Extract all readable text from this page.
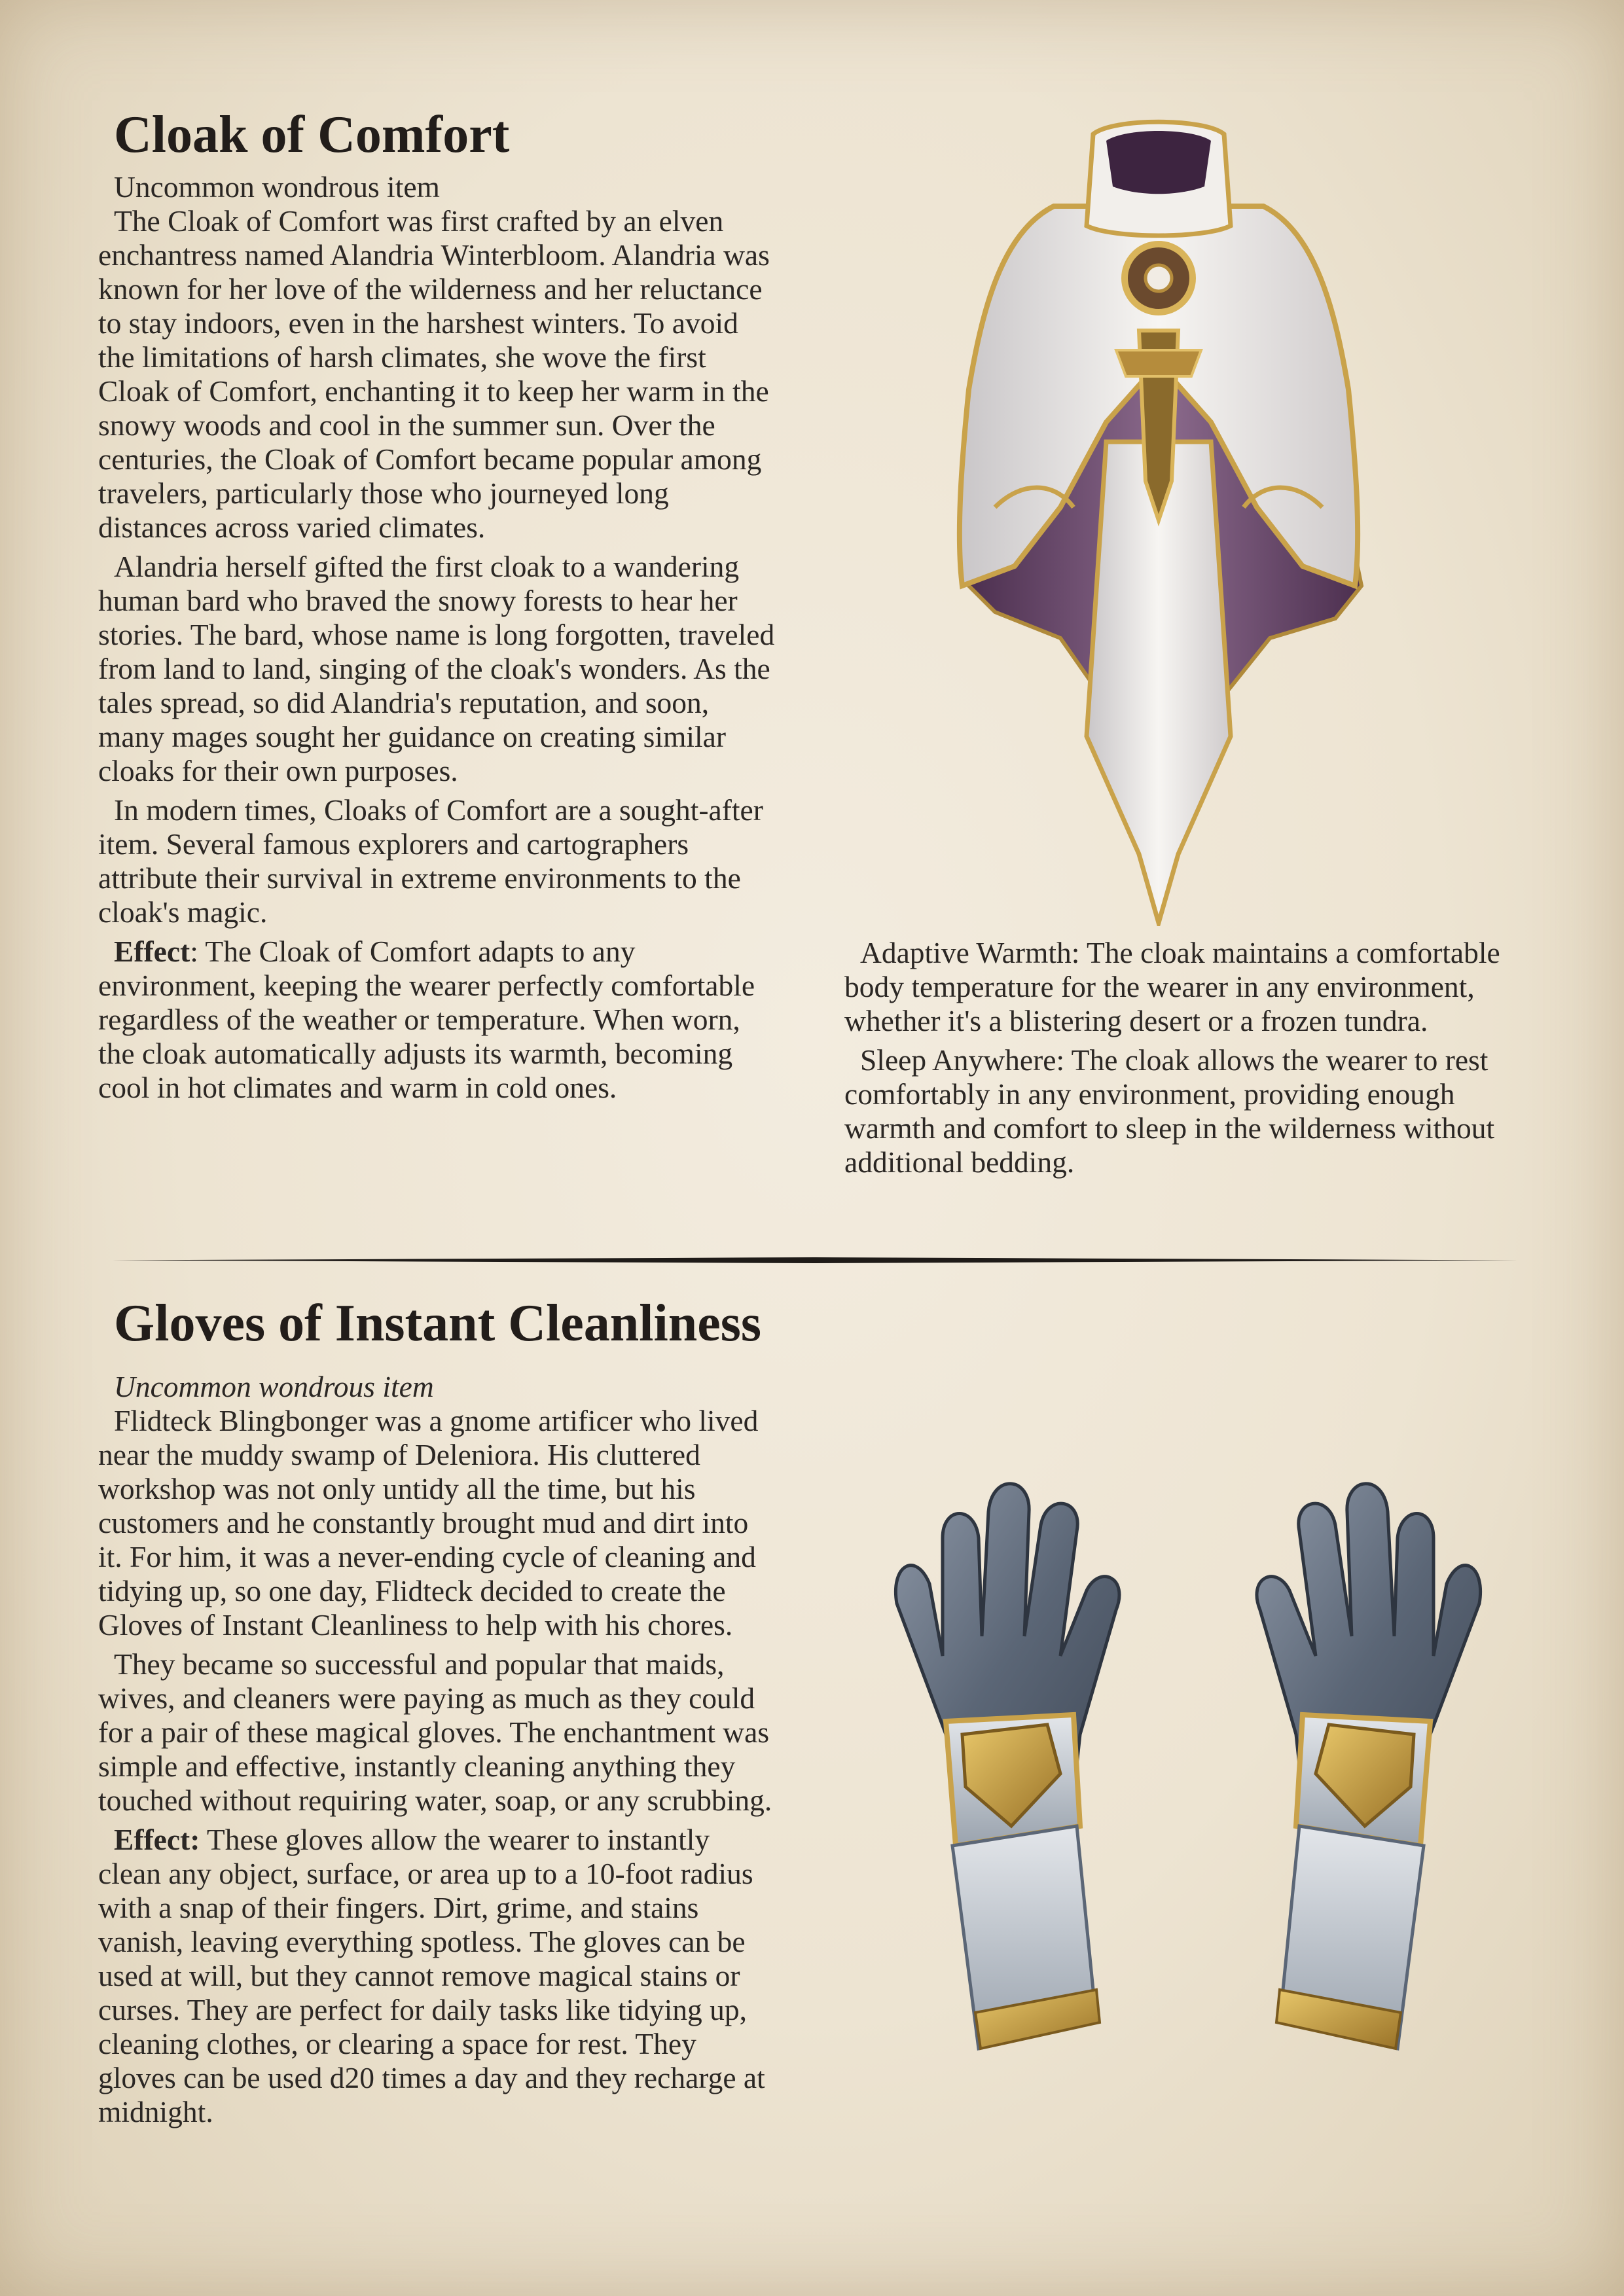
Cloak of Comfort

Uncommon wondrous item

The Cloak of Comfort was first crafted by an elven enchantress named Alandria Winterbloom. Alandria was known for her love of the wilderness and her reluctance to stay indoors, even in the harshest winters. To avoid the limitations of harsh climates, she wove the first Cloak of Comfort, enchanting it to keep her warm in the snowy woods and cool in the summer sun. Over the centuries, the Cloak of Comfort became popular among travelers, particularly those who journeyed long distances across varied climates.

Alandria herself gifted the first cloak to a wandering human bard who braved the snowy forests to hear her stories. The bard, whose name is long forgotten, traveled from land to land, singing of the cloak's wonders. As the tales spread, so did Alandria's reputation, and soon, many mages sought her guidance on creating similar cloaks for their own purposes.

In modern times, Cloaks of Comfort are a sought-after item. Several famous explorers and cartographers attribute their survival in extreme environments to the cloak's magic.

Effect: The Cloak of Comfort adapts to any environment, keeping the wearer perfectly comfortable regardless of the weather or temperature. When worn, the cloak automatically adjusts its warmth, becoming cool in hot climates and warm in cold ones.

Adaptive Warmth: The cloak maintains a comfortable body temperature for the wearer in any environment, whether it's a blistering desert or a frozen tundra.

Sleep Anywhere: The cloak allows the wearer to rest comfortably in any environment, providing enough warmth and comfort to sleep in the wilderness without additional bedding.

Gloves of Instant Cleanliness

Uncommon wondrous item

Flidteck Blingbonger was a gnome artificer who lived near the muddy swamp of Deleniora. His cluttered workshop was not only untidy all the time, but his customers and he constantly brought mud and dirt into it. For him, it was a never-ending cycle of cleaning and tidying up, so one day, Flidteck decided to create the Gloves of Instant Cleanliness to help with his chores.

They became so successful and popular that maids, wives, and cleaners were paying as much as they could for a pair of these magical gloves. The enchantment was simple and effective, instantly cleaning anything they touched without requiring water, soap, or any scrubbing.

Effect: These gloves allow the wearer to instantly clean any object, surface, or area up to a 10-foot radius with a snap of their fingers. Dirt, grime, and stains vanish, leaving everything spotless. The gloves can be used at will, but they cannot remove magical stains or curses. They are perfect for daily tasks like tidying up, cleaning clothes, or clearing a space for rest. They gloves can be used d20 times a day and they recharge at midnight.
